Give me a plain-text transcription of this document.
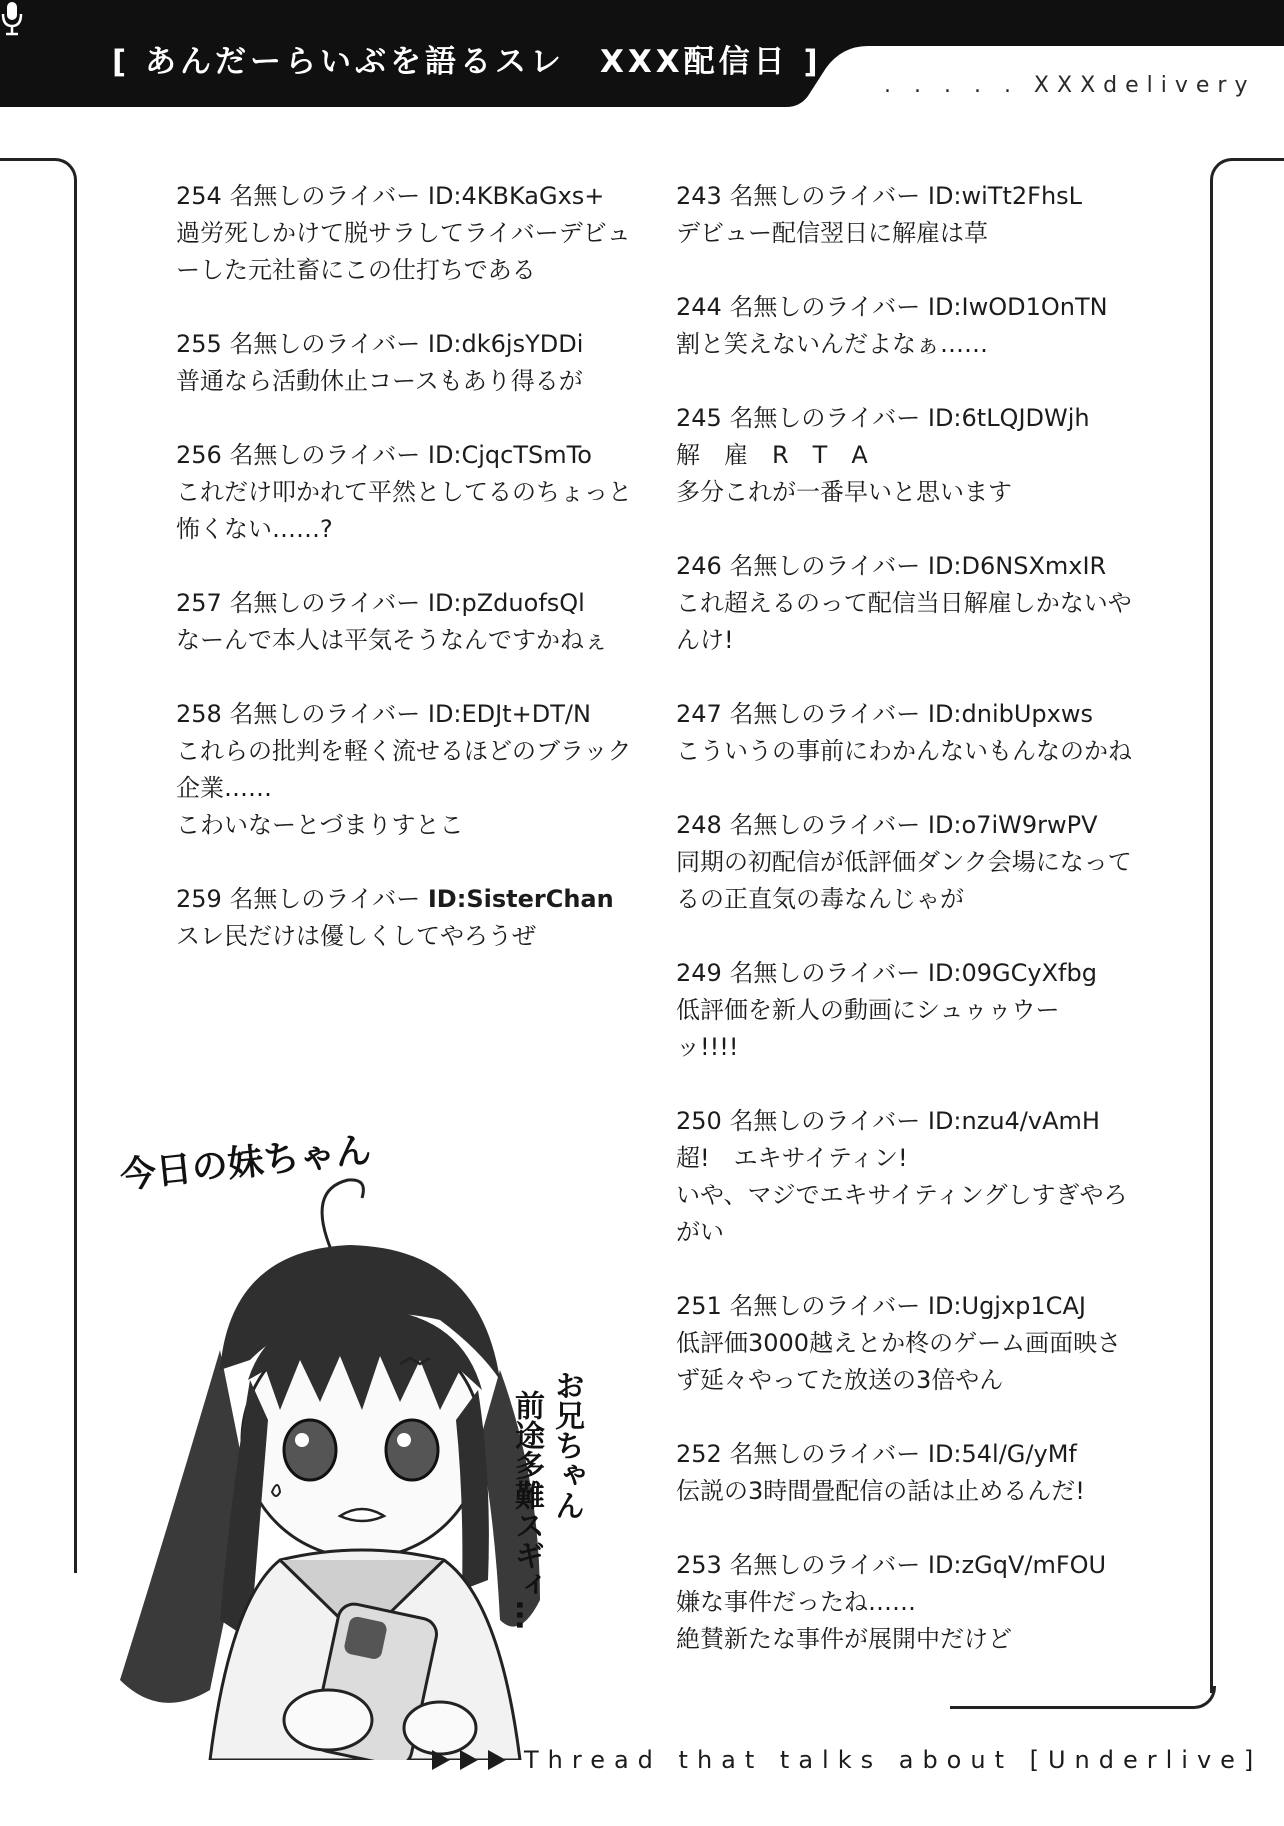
[ あんだーらいぶを語るスレ　XXX配信日 ]
. . . . . XXXdelivery
254 名無しのライバー ID:4KBKaGxs+
過労死しかけて脱サラしてライバーデビュ
ーした元社畜にこの仕打ちである
255 名無しのライバー ID:dk6jsYDDi
普通なら活動休止コースもあり得るが
256 名無しのライバー ID:CjqcTSmTo
これだけ叩かれて平然としてるのちょっと
怖くない……?
257 名無しのライバー ID:pZduofsQl
なーんで本人は平気そうなんですかねぇ
258 名無しのライバー ID:EDJt+DT/N
これらの批判を軽く流せるほどのブラック
企業……
こわいなーとづまりすとこ
259 名無しのライバー ID:SisterChan
スレ民だけは優しくしてやろうぜ
243 名無しのライバー ID:wiTt2FhsL
デビュー配信翌日に解雇は草
244 名無しのライバー ID:IwOD1OnTN
割と笑えないんだよなぁ……
245 名無しのライバー ID:6tLQJDWjh
解　雇　R　T　A
多分これが一番早いと思います
246 名無しのライバー ID:D6NSXmxIR
これ超えるのって配信当日解雇しかないや
んけ!
247 名無しのライバー ID:dnibUpxws
こういうの事前にわかんないもんなのかね
248 名無しのライバー ID:o7iW9rwPV
同期の初配信が低評価ダンク会場になって
るの正直気の毒なんじゃが
249 名無しのライバー ID:09GCyXfbg
低評価を新人の動画にシュゥゥウー
ッ!!!!
250 名無しのライバー ID:nzu4/vAmH
超!　エキサイティン!
いや、マジでエキサイティングしすぎやろ
がい
251 名無しのライバー ID:Ugjxp1CAJ
低評価3000越えとか柊のゲーム画面映さ
ず延々やってた放送の3倍やん
252 名無しのライバー ID:54l/G/yMf
伝説の3時間畳配信の話は止めるんだ!
253 名無しのライバー ID:zGqV/mFOU
嫌な事件だったね……
絶賛新たな事件が展開中だけど
今日の妹ちゃん
お兄ちゃん
前途多難スギィ…
Thread that talks about [Underlive]
